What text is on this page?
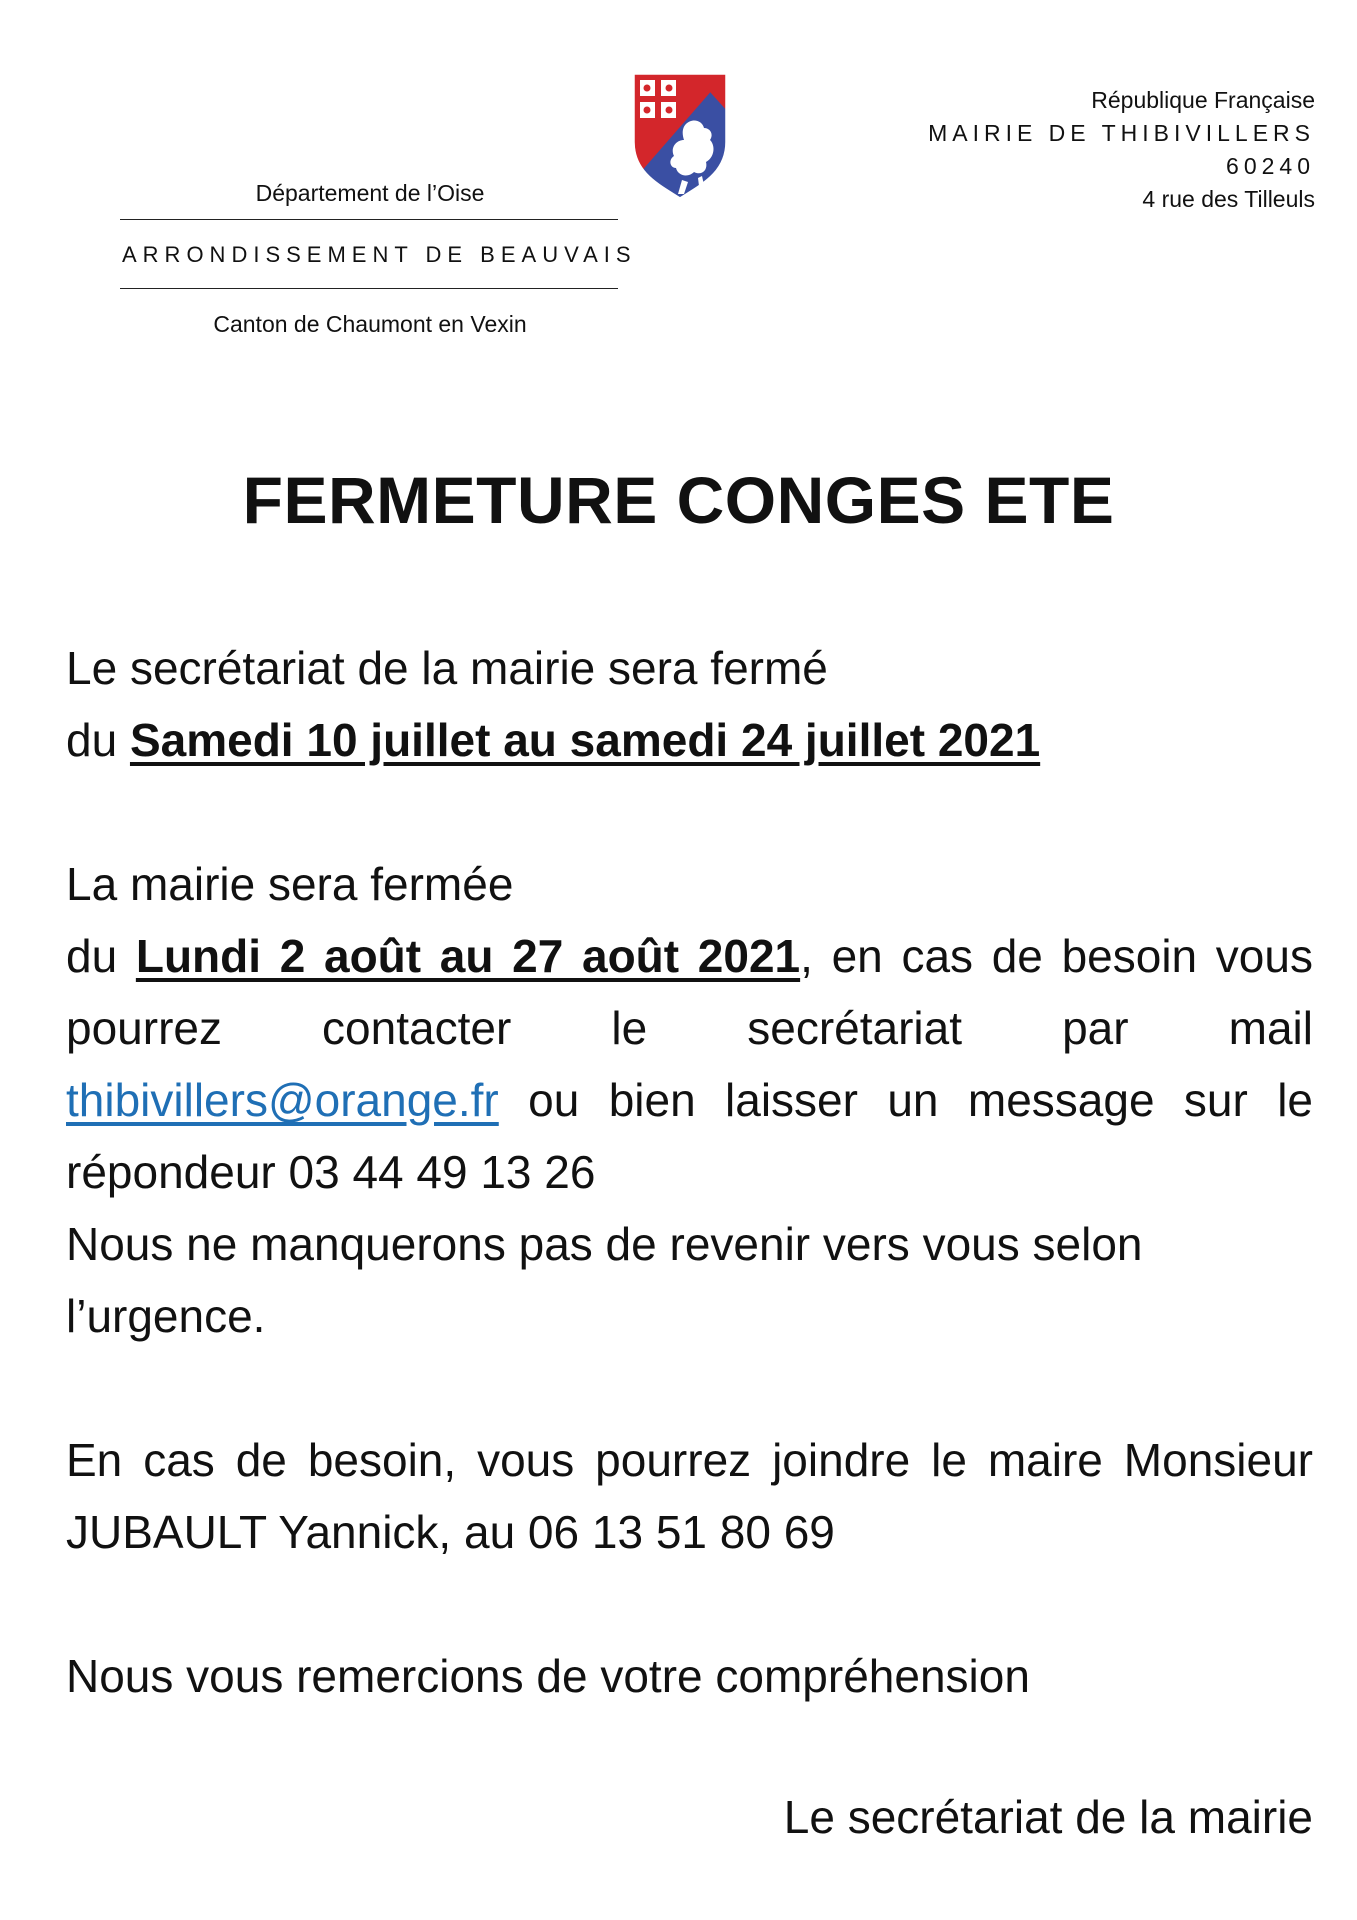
Département de l’Oise

ARRONDISSEMENT DE BEAUVAIS

Canton de Chaumont en Vexin

République Française
MAIRIE DE THIBIVILLERS
60240
4 rue des Tilleuls
FERMETURE CONGES ETE

Le secrétariat de la mairie sera fermé

du Samedi 10 juillet au samedi 24 juillet 2021

La mairie sera fermée

du Lundi 2 août au 27 août 2021, en cas de besoin vous pourrez contacter le secrétariat par mail thibivillers@orange.fr ou bien laisser un message sur le répondeur 03 44 49 13 26

Nous ne manquerons pas de revenir vers vous selon l’urgence.

En cas de besoin, vous pourrez joindre le maire Monsieur JUBAULT Yannick, au 06 13 51 80 69

Nous vous remercions de votre compréhension

Le secrétariat de la mairie
